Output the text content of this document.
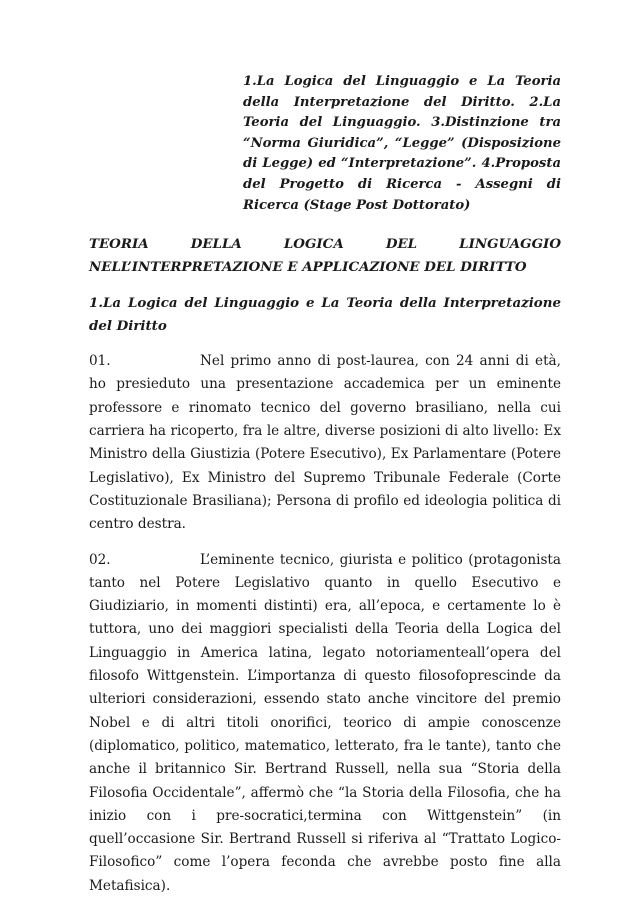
1.La Logica del Linguaggio e La Teoria della Interpretazione del Diritto. 2.La Teoria del Linguaggio. 3.Distinzione tra “Norma Giuridica”, “Legge” (Disposizione di Legge) ed “Interpretazione”. 4.Proposta del Progetto di Ricerca - Assegni di Ricerca (Stage Post Dottorato)
TEORIA	DELLA	LOGICA	DEL	LINGUAGGIO
NELL’INTERPRETAZIONE E APPLICAZIONE DEL DIRITTO
1.La Logica del Linguaggio e La Teoria della Interpretazione del Diritto
01.	Nel primo anno di post-laurea, con 24 anni di età, ho presieduto una presentazione accademica per un eminente professore e rinomato tecnico del governo brasiliano, nella cui carriera ha ricoperto, fra le altre, diverse posizioni di alto livello: Ex Ministro della Giustizia (Potere Esecutivo), Ex Parlamentare (Potere Legislativo), Ex Ministro del Supremo Tribunale Federale (Corte Costituzionale Brasiliana); Persona di profilo ed ideologia politica di centro destra.
02.	L’eminente tecnico, giurista e politico (protagonista tanto nel Potere Legislativo quanto in quello Esecutivo e Giudiziario, in momenti distinti) era, all’epoca, e certamente lo è tuttora, uno dei maggiori specialisti della Teoria della Logica del Linguaggio in America latina, legato notoriamenteall’opera del filosofo Wittgenstein. L’importanza di questo filosofoprescinde da ulteriori considerazioni, essendo stato anche vincitore del premio Nobel e di altri titoli onorifici, teorico di ampie conoscenze (diplomatico, politico, matematico, letterato, fra le tante), tanto che anche il britannico Sir. Bertrand Russell, nella sua “Storia della Filosofia Occidentale”, affermò che “la Storia della Filosofia, che ha inizio con i pre-socratici,termina con Wittgenstein” (in quell’occasione Sir. Bertrand Russell si riferiva al “Trattato Logico-Filosofico” come l’opera feconda che avrebbe posto fine alla Metafisica).
